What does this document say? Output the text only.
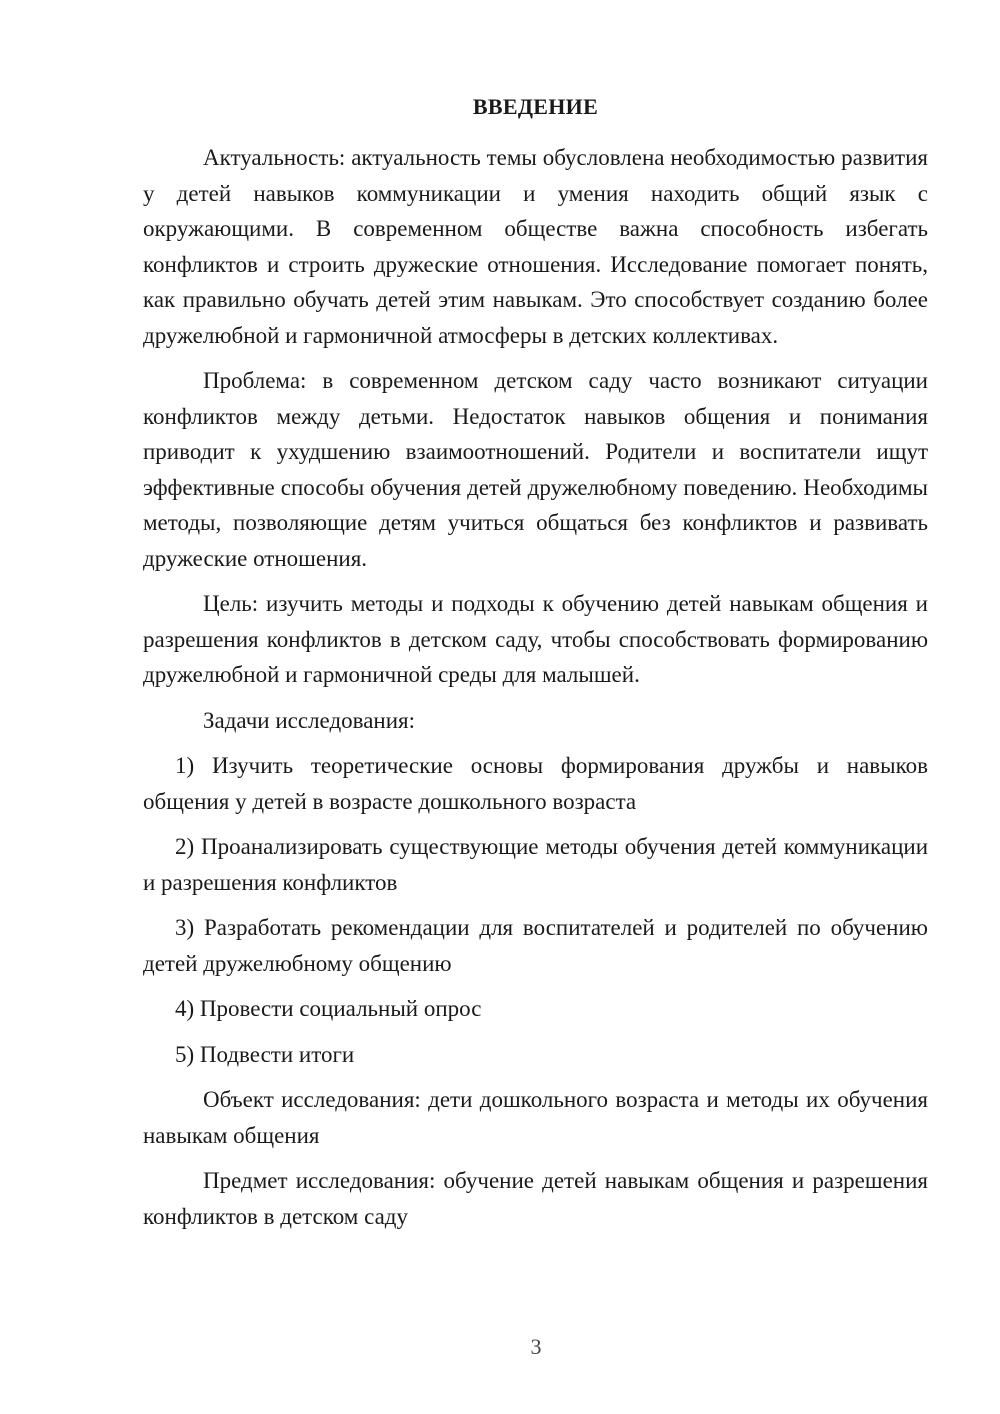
ВВЕДЕНИЕ

Актуальность: актуальность темы обусловлена необходимостью развития у детей навыков коммуникации и умения находить общий язык с окружающими. В современном обществе важна способность избегать конфликтов и строить дружеские отношения. Исследование помогает понять, как правильно обучать детей этим навыкам. Это способствует созданию более дружелюбной и гармоничной атмосферы в детских коллективах.

Проблема: в современном детском саду часто возникают ситуации конфликтов между детьми. Недостаток навыков общения и понимания приводит к ухудшению взаимоотношений. Родители и воспитатели ищут эффективные способы обучения детей дружелюбному поведению. Необходимы методы, позволяющие детям учиться общаться без конфликтов и развивать дружеские отношения.

Цель: изучить методы и подходы к обучению детей навыкам общения и разрешения конфликтов в детском саду, чтобы способствовать формированию дружелюбной и гармоничной среды для малышей.

Задачи исследования:

1) Изучить теоретические основы формирования дружбы и навыков общения у детей в возрасте дошкольного возраста

2) Проанализировать существующие методы обучения детей коммуникации и разрешения конфликтов

3) Разработать рекомендации для воспитателей и родителей по обучению детей дружелюбному общению

4) Провести социальный опрос

5) Подвести итоги

Объект исследования: дети дошкольного возраста и методы их обучения навыкам общения

Предмет исследования: обучение детей навыкам общения и разрешения конфликтов в детском саду

3
